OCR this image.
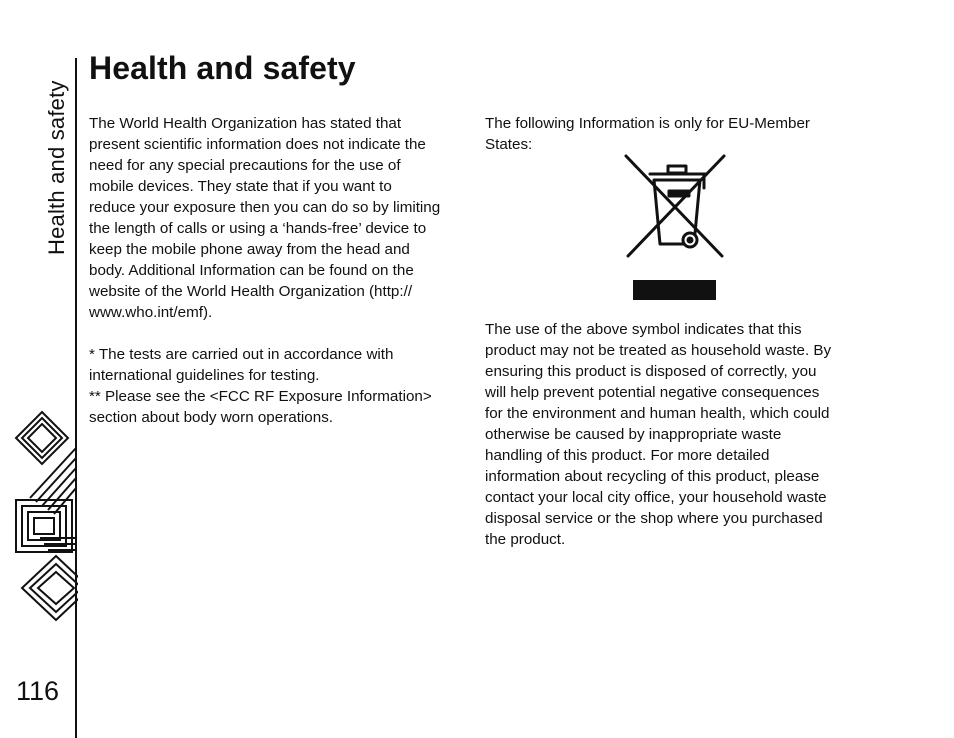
Health and safety
116
Health and safety

The World Health Organization has stated that
present scientific information does not indicate the
need for any special precautions for the use of
mobile devices. They state that if you want to
reduce your exposure then you can do so by limiting
the length of calls or using a ‘hands-free’ device to
keep the mobile phone away from the head and
body. Additional Information can be found on the
website of the World Health Organization (http://
www.who.int/emf).

* The tests are carried out in accordance with
international guidelines for testing.

** Please see the <FCC RF Exposure Information>
section about body worn operations.

The following Information is only for EU-Member
States:

The use of the above symbol indicates that this
product may not be treated as household waste. By
ensuring this product is disposed of correctly, you
will help prevent potential negative consequences
for the environment and human health, which could
otherwise be caused by inappropriate waste
handling of this product. For more detailed
information about recycling of this product, please
contact your local city office, your household waste
disposal service or the shop where you purchased
the product.
